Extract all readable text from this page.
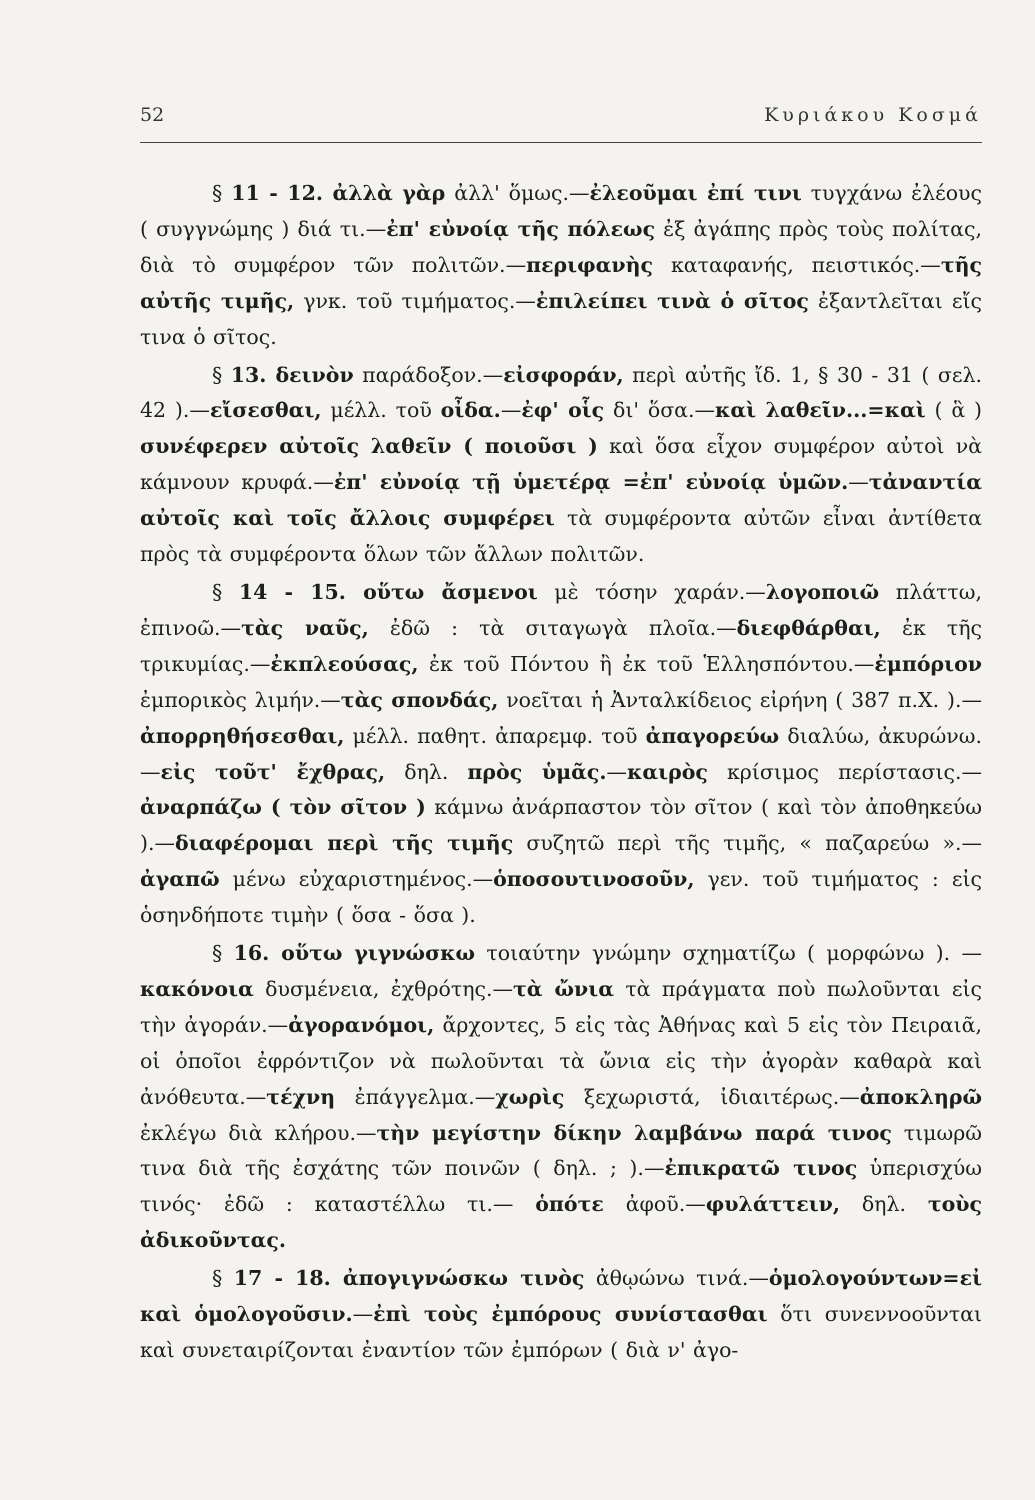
52	Κυριάκου Κοσμά

§ 11 - 12. ἀλλὰ γὰρ ἀλλ' ὅμως.—ἐλεοῦμαι ἐπί τινι τυγχάνω ἐλέους ( συγγνώμης ) διά τι.—ἐπ' εὐνοίᾳ τῆς πόλεως ἐξ ἀγάπης πρὸς τοὺς πολίτας, διὰ τὸ συμφέρον τῶν πολιτῶν.—περιφανὴς καταφανής, πειστικός.—τῆς αὐτῆς τιμῆς, γνκ. τοῦ τιμήματος.—ἐπιλείπει τινὰ ὁ σῖτος ἐξαντλεῖται εἴς τινα ὁ σῖτος.

§ 13. δεινὸν παράδοξον.—εἰσφοράν, περὶ αὐτῆς ἴδ. 1, § 30 - 31 ( σελ. 42 ).—εἴσεσθαι, μέλλ. τοῦ οἶδα.—ἐφ' οἷς δι' ὅσα.—καὶ λαθεῖν...=καὶ ( ἃ ) συνέφερεν αὐτοῖς λαθεῖν ( ποιοῦσι ) καὶ ὅσα εἶχον συμφέρον αὐτοὶ νὰ κάμνουν κρυφά.—ἐπ' εὐνοίᾳ τῇ ὑμετέρᾳ =ἐπ' εὐνοίᾳ ὑμῶν.—τἀναντία αὐτοῖς καὶ τοῖς ἄλλοις συμφέρει τὰ συμφέροντα αὐτῶν εἶναι ἀντίθετα πρὸς τὰ συμφέροντα ὅλων τῶν ἄλλων πολιτῶν.

§ 14 - 15. οὕτω ἄσμενοι μὲ τόσην χαράν.—λογοποιῶ πλάττω, ἐπινοῶ.—τὰς ναῦς, ἐδῶ : τὰ σιταγωγὰ πλοῖα.—διεφθάρθαι, ἐκ τῆς τρικυμίας.—ἐκπλεούσας, ἐκ τοῦ Πόντου ἢ ἐκ τοῦ Ἑλλησπόντου.—ἐμπόριον ἐμπορικὸς λιμήν.—τὰς σπονδάς, νοεῖται ἡ Ἀνταλκίδειος εἰρήνη ( 387 π.Χ. ).—ἀπορρηθήσεσθαι, μέλλ. παθητ. ἀπαρεμφ. τοῦ ἀπαγορεύω διαλύω, ἀκυρώνω.—εἰς τοῦτ' ἔχθρας, δηλ. πρὸς ὑμᾶς.—καιρὸς κρίσιμος περίστασις.—ἀναρπάζω ( τὸν σῖτον ) κάμνω ἀνάρπαστον τὸν σῖτον ( καὶ τὸν ἀποθηκεύω ).—διαφέρομαι περὶ τῆς τιμῆς συζητῶ περὶ τῆς τιμῆς, « παζαρεύω ».—ἀγαπῶ μένω εὐχαριστημένος.—ὁποσουτινοσοῦν, γεν. τοῦ τιμήματος : εἰς ὁσηνδήποτε τιμὴν ( ὅσα - ὅσα ).

§ 16. οὕτω γιγνώσκω τοιαύτην γνώμην σχηματίζω ( μορφώνω ). — κακόνοια δυσμένεια, ἐχθρότης.—τὰ ὤνια τὰ πράγματα ποὺ πωλοῦνται εἰς τὴν ἀγοράν.—ἀγορανόμοι, ἄρχοντες, 5 εἰς τὰς Ἀθήνας καὶ 5 εἰς τὸν Πειραιᾶ, οἱ ὁποῖοι ἐφρόντιζον νὰ πωλοῦνται τὰ ὤνια εἰς τὴν ἀγορὰν καθαρὰ καὶ ἀνόθευτα.—τέχνη ἐπάγγελμα.—χωρὶς ξεχωριστά, ἰδιαιτέρως.—ἀποκληρῶ ἐκλέγω διὰ κλήρου.—τὴν μεγίστην δίκην λαμβάνω παρά τινος τιμωρῶ τινα διὰ τῆς ἐσχάτης τῶν ποινῶν ( δηλ. ; ).—ἐπικρατῶ τινος ὑπερισχύω τινός· ἐδῶ : καταστέλλω τι.— ὁπότε ἀφοῦ.—φυλάττειν, δηλ. τοὺς ἀδικοῦντας.

§ 17 - 18. ἀπογιγνώσκω τινὸς ἀθῳώνω τινά.—ὁμολογούντων=εἰ καὶ ὁμολογοῦσιν.—ἐπὶ τοὺς ἐμπόρους συνίστασθαι ὅτι συνεννοοῦνται καὶ συνεταιρίζονται ἐναντίον τῶν ἐμπόρων ( διὰ ν' ἀγο-
